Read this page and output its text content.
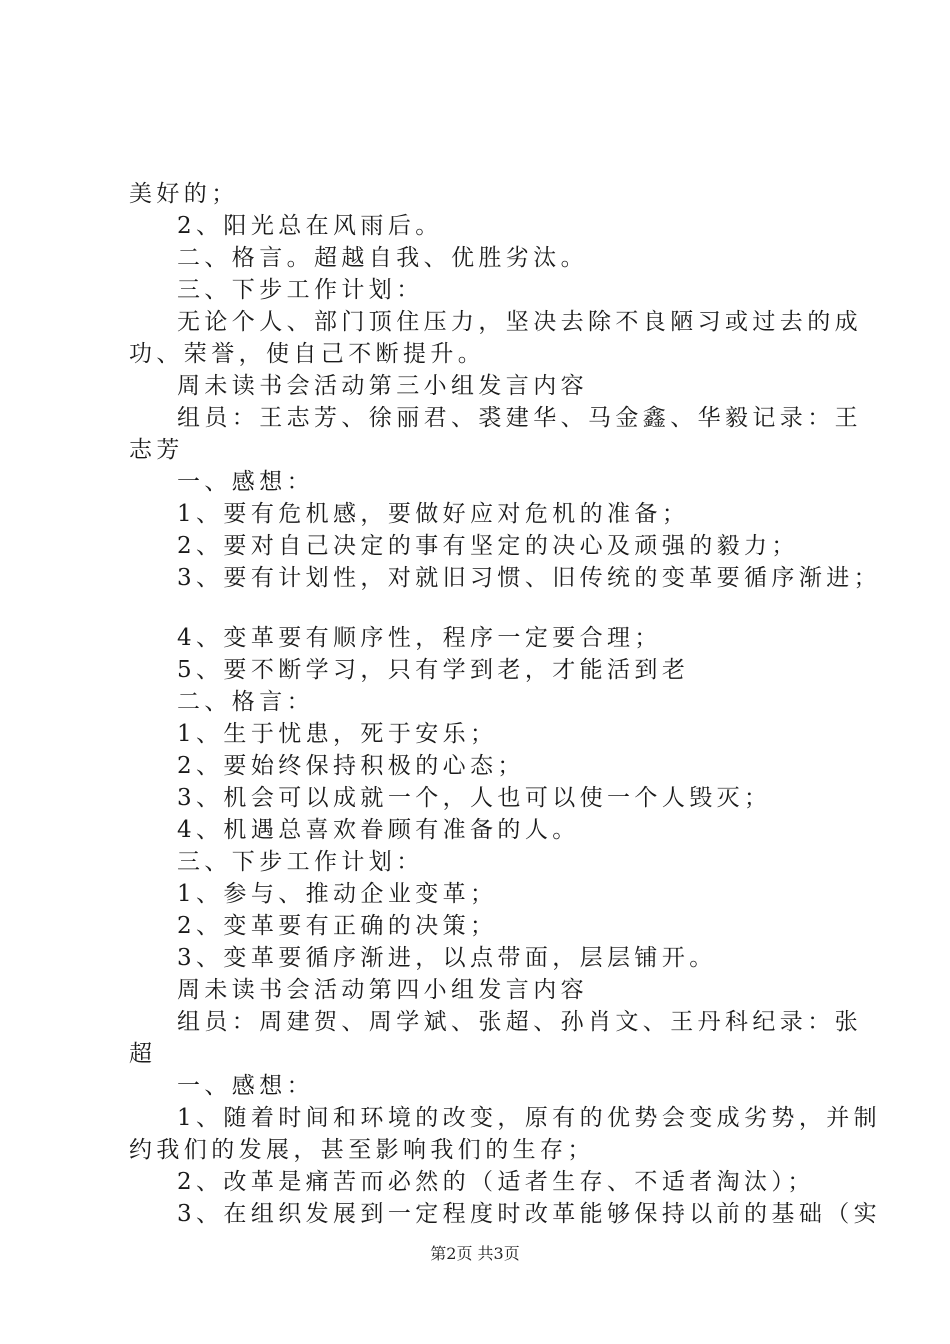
美好的；
2、阳光总在风雨后。
二、格言。超越自我、优胜劣汰。
三、下步工作计划：
无论个人、部门顶住压力，坚决去除不良陋习或过去的成
功、荣誉，使自己不断提升。
周未读书会活动第三小组发言内容
组员：王志芳、徐丽君、裘建华、马金鑫、华毅记录：王
志芳
一、感想：
1、要有危机感，要做好应对危机的准备；
2、要对自己决定的事有坚定的决心及顽强的毅力；
3、要有计划性，对就旧习惯、旧传统的变革要循序渐进；
4、变革要有顺序性，程序一定要合理；
5、要不断学习，只有学到老，才能活到老
二、格言：
1、生于忧患，死于安乐；
2、要始终保持积极的心态；
3、机会可以成就一个，人也可以使一个人毁灭；
4、机遇总喜欢眷顾有准备的人。
三、下步工作计划：
1、参与、推动企业变革；
2、变革要有正确的决策；
3、变革要循序渐进，以点带面，层层铺开。
周未读书会活动第四小组发言内容
组员：周建贺、周学斌、张超、孙肖文、王丹科纪录：张
超
一、感想：
1、随着时间和环境的改变，原有的优势会变成劣势，并制
约我们的发展，甚至影响我们的生存；
2、改革是痛苦而必然的（适者生存、不适者淘汰）；
3、在组织发展到一定程度时改革能够保持以前的基础（实
第2页 共3页
